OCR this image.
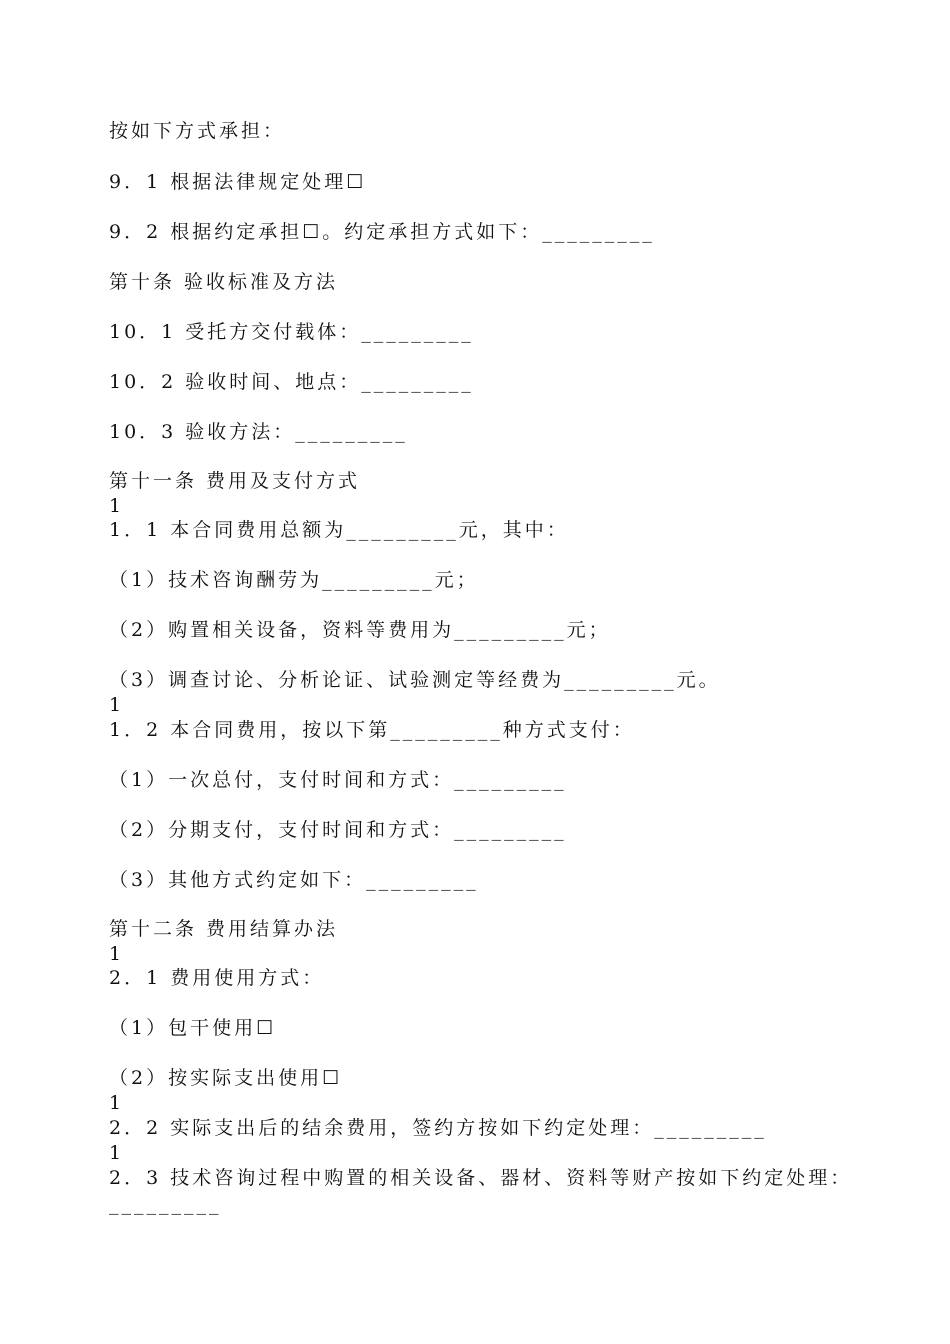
按如下方式承担：
9．1 根据法律规定处理☐
9．2 根据约定承担☐。约定承担方式如下：_________
第十条 验收标准及方法
10．1 受托方交付载体：_________
10．2 验收时间、地点：_________
10．3 验收方法：_________
第十一条 费用及支付方式
1
1．1 本合同费用总额为_________元，其中：
（1）技术咨询酬劳为_________元；
（2）购置相关设备，资料等费用为_________元；
（3）调查讨论、分析论证、试验测定等经费为_________元。
1
1．2 本合同费用，按以下第_________种方式支付：
（1）一次总付，支付时间和方式：_________
（2）分期支付，支付时间和方式：_________
（3）其他方式约定如下：_________
第十二条 费用结算办法
1
2．1 费用使用方式：
（1）包干使用☐
（2）按实际支出使用☐
1
2．2 实际支出后的结余费用，签约方按如下约定处理：_________
1
2．3 技术咨询过程中购置的相关设备、器材、资料等财产按如下约定处理：
_________
